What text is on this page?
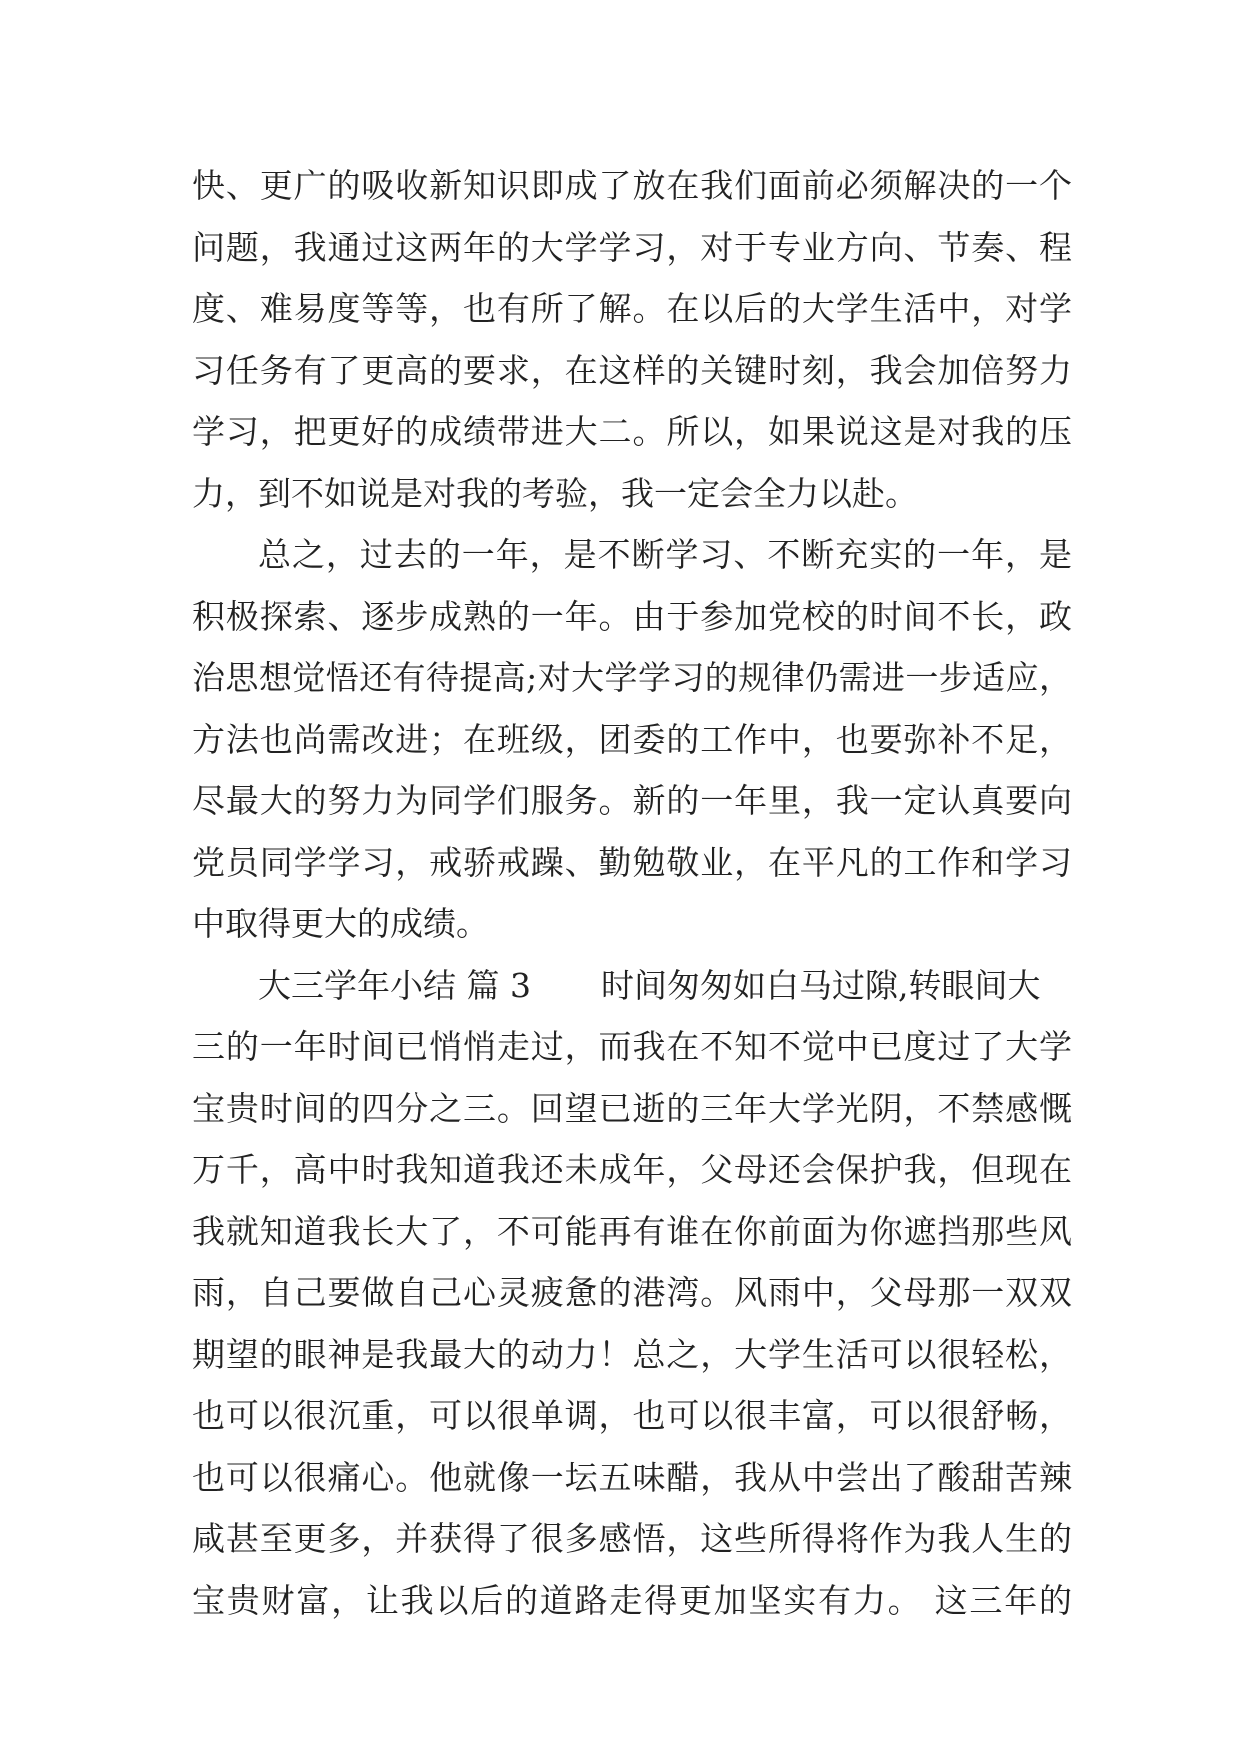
快、更广的吸收新知识即成了放在我们面前必须解决的一个
问题，我通过这两年的大学学习，对于专业方向、节奏、程
度、难易度等等，也有所了解。在以后的大学生活中，对学
习任务有了更高的要求，在这样的关键时刻，我会加倍努力
学习，把更好的成绩带进大二。所以，如果说这是对我的压
力，到不如说是对我的考验，我一定会全力以赴。
总之，过去的一年，是不断学习、不断充实的一年，是
积极探索、逐步成熟的一年。由于参加党校的时间不长，政
治思想觉悟还有待提高;对大学学习的规律仍需进一步适应，
方法也尚需改进；在班级，团委的工作中，也要弥补不足，
尽最大的努力为同学们服务。新的一年里，我一定认真要向
党员同学学习，戒骄戒躁、勤勉敬业，在平凡的工作和学习
中取得更大的成绩。
大三学年小结 篇 3 时间匆匆如白马过隙,转眼间大
三的一年时间已悄悄走过，而我在不知不觉中已度过了大学
宝贵时间的四分之三。回望已逝的三年大学光阴，不禁感慨
万千，高中时我知道我还未成年，父母还会保护我，但现在
我就知道我长大了，不可能再有谁在你前面为你遮挡那些风
雨，自己要做自己心灵疲惫的港湾。风雨中，父母那一双双
期望的眼神是我最大的动力！总之，大学生活可以很轻松，
也可以很沉重，可以很单调，也可以很丰富，可以很舒畅，
也可以很痛心。他就像一坛五味醋，我从中尝出了酸甜苦辣
咸甚至更多，并获得了很多感悟，这些所得将作为我人生的
宝贵财富，让我以后的道路走得更加坚实有力。 这三年的
